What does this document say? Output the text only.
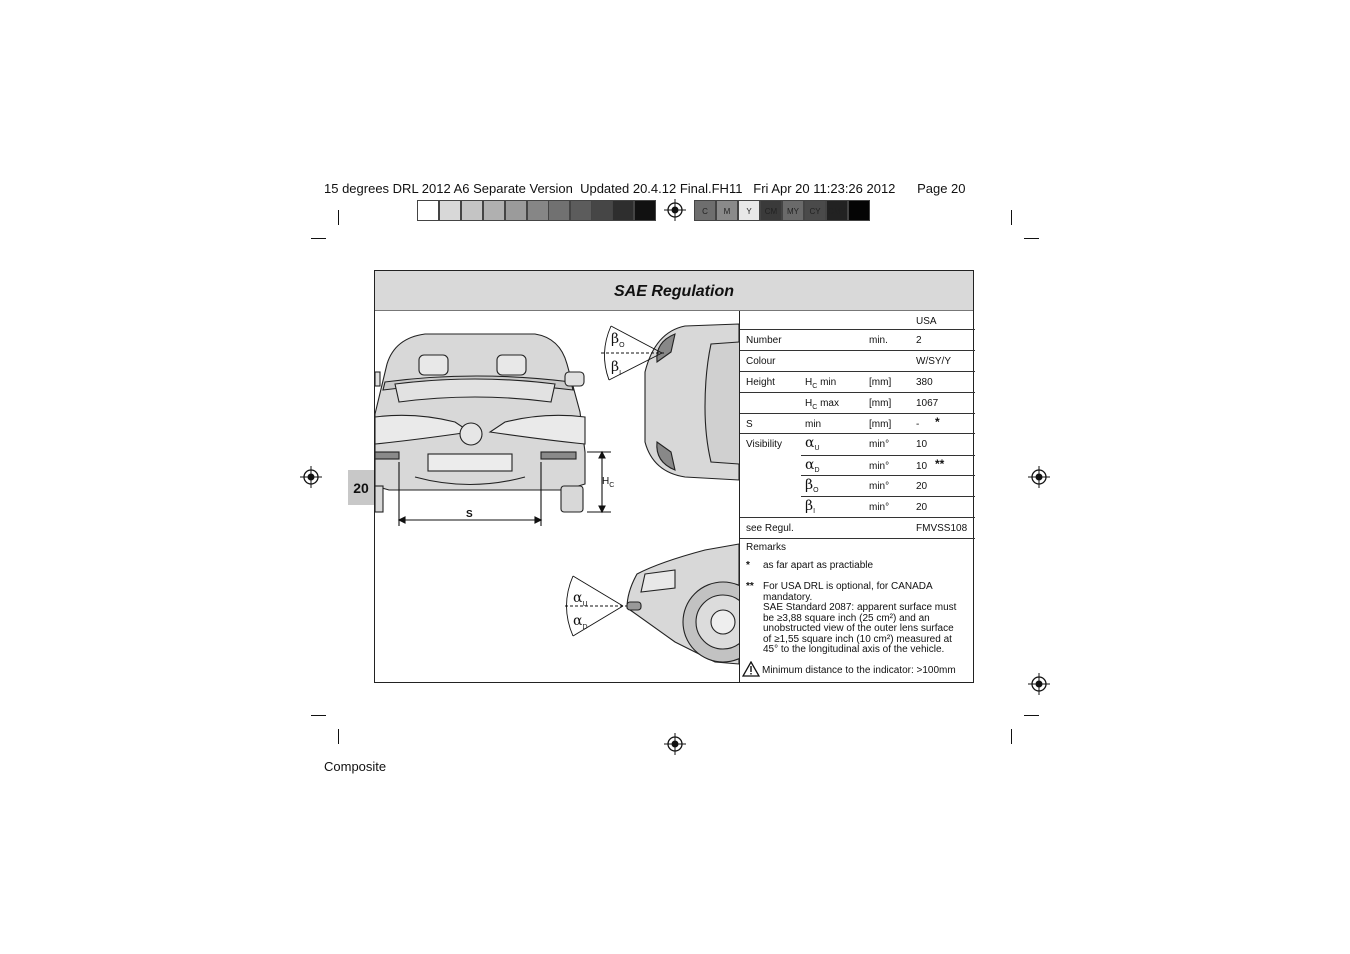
15 degrees DRL 2012 A6 Separate Version  Updated 20.4.12 Final.FH11   Fri Apr 20 11:23:26 2012      Page 20
C	M	Y	CM	MY	CY CMY
20
SAE Regulation
S
$H_C$
$\beta_O$
$\beta_I$
$\alpha_U$
$\alpha_D$
USA
Number	min.	2
Colour	W/SY/Y
Height	$H_C$ min	[mm] 380
$H_C$ max	[mm] 1067
S	min	[mm] - *
Visibility $\alpha_U$	min°	10
$\alpha_D$	min°	10 **
$\beta_O$	min°	20
$\beta_I$	min°	20
see Regul.	FMVSS108
Remarks
* as far apart as practiable
** For USA DRL is optional, for CANADA
mandatory.
SAE Standard 2087: apparent surface must
be ≥3,88 square inch (25 cm²) and an
unobstructed view of the outer lens surface
of ≥1,55 square inch (10 cm²) measured at
45° to the longitudinal axis of the vehicle.
Minimum distance to the indicator: >100mm
Composite
